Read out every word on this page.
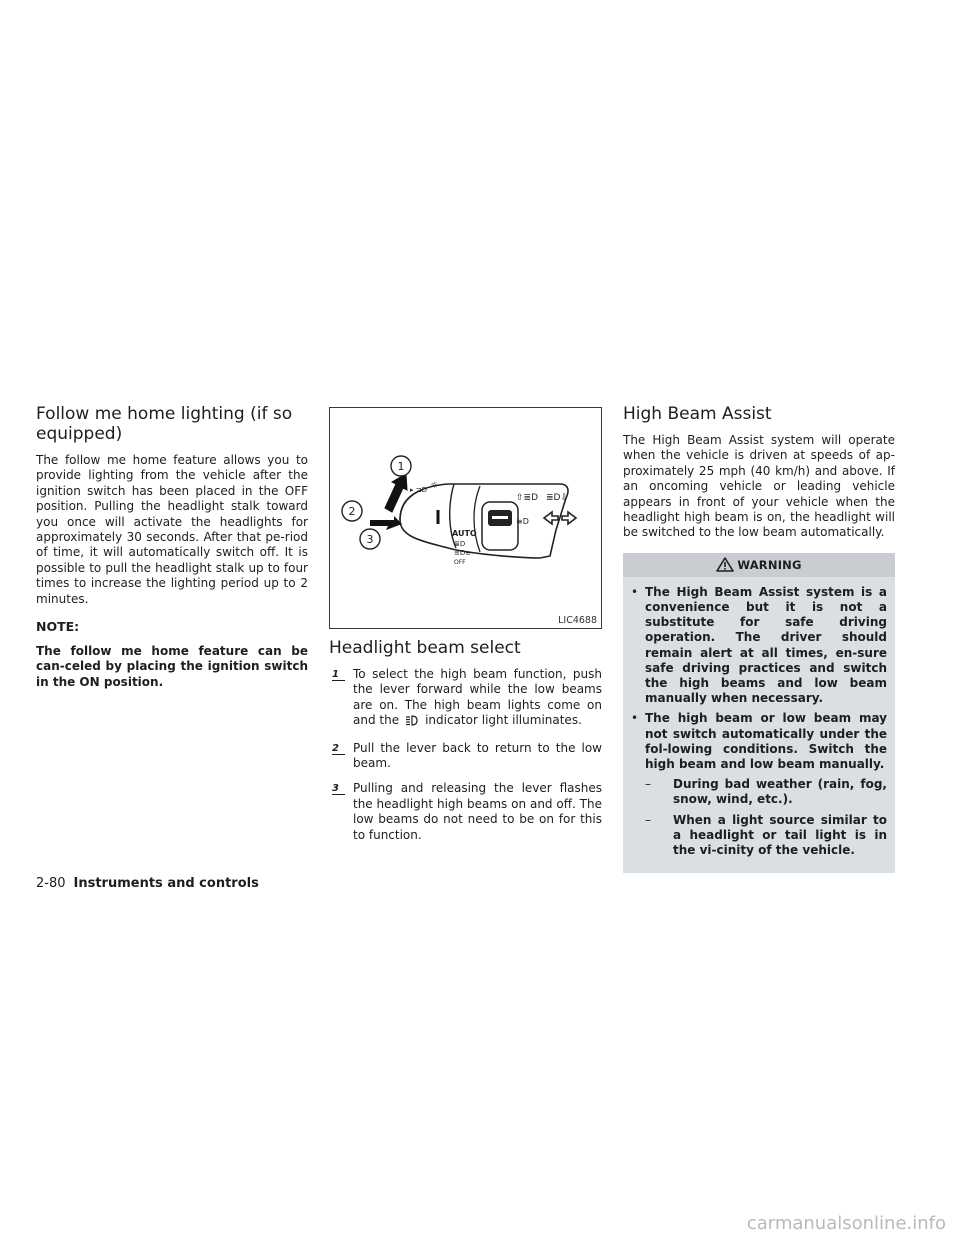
Follow me home lighting (if so equipped)

The follow me home feature allows you to provide lighting from the vehicle after the ignition switch has been placed in the OFF position. Pulling the headlight stalk toward you once will activate the headlights for approximately 30 seconds. After that pe-riod of time, it will automatically switch off. It is possible to pull the headlight stalk up to four times to increase the lighting period up to 2 minutes.

NOTE:

The follow me home feature can be can-celed by placing the ignition switch in the ON position.

▸ ⊐D ☼
AUTO
≣D
≡D≡
OFF
≡D
⇧≣D ≣D⇩
1
2
3
LIC4688
Headlight beam select
1	To select the high beam function, push the lever forward while the low beams are on. The high beam lights come on and the indicator light illuminates.
2	Pull the lever back to return to the low beam.
3	Pulling and releasing the lever flashes the headlight high beams on and off. The low beams do not need to be on for this to function.
High Beam Assist

The High Beam Assist system will operate when the vehicle is driven at speeds of ap-proximately 25 mph (40 km/h) and above. If an oncoming vehicle or leading vehicle appears in front of your vehicle when the headlight high beam is on, the headlight will be switched to the low beam automatically.

WARNING
• The High Beam Assist system is a convenience but it is not a substitute for safe driving operation. The driver should remain alert at all times, en-sure safe driving practices and switch the high beams and low beam manually when necessary.
• The high beam or low beam may not switch automatically under the fol-lowing conditions. Switch the high beam and low beam manually.
– During bad weather (rain, fog, snow, wind, etc.).
– When a light source similar to a headlight or tail light is in the vi-cinity of the vehicle.
2-80 Instruments and controls
carmanualsonline.info
